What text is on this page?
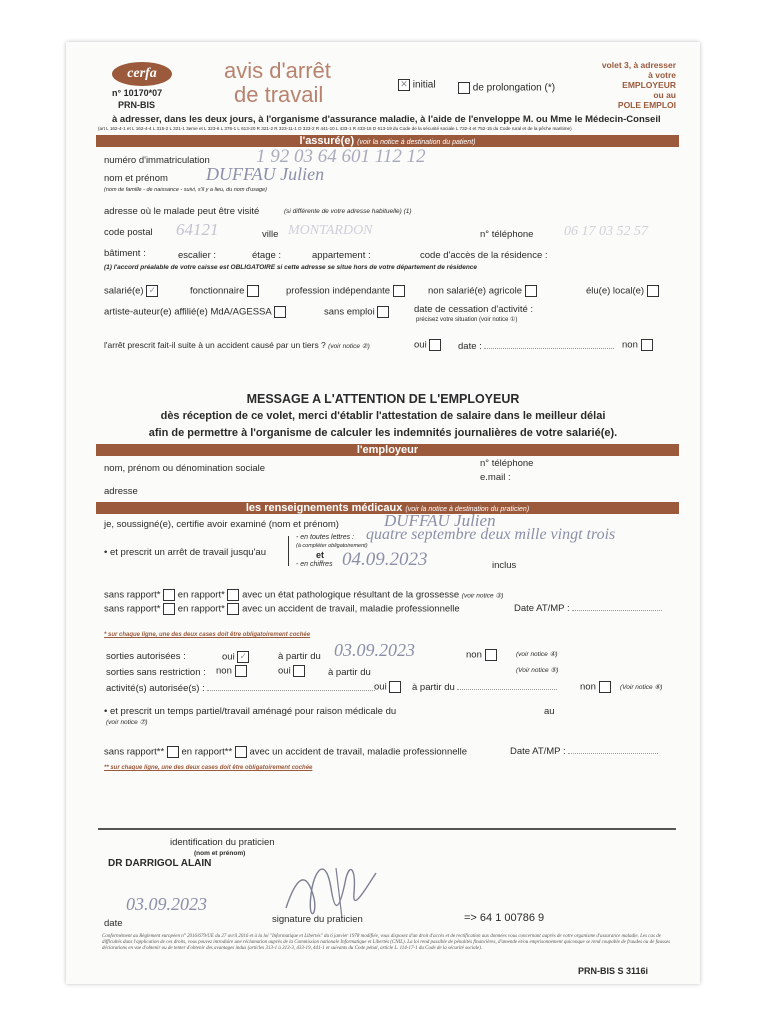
cerfa
n° 10170*07
PRN-BIS
avis d'arrêt
de travail	✕ initial	de prolongation (*)
volet 3, à adresser
à votre
EMPLOYEUR
ou au
POLE EMPLOI
à adresser, dans les deux jours, à l'organisme d'assurance maladie, à l'aide de l'enveloppe M. ou Mme le Médecin-Conseil
(art L 162-4-1 et L 162-4-4 L 315-2 L 321-1 3eme et L 323-6 L 376-1 L 613-20 R 321-2 R 323-11-1 D 323-2 R 441-10 L 433-1 R 433-15 D 613-19 du Code de la sécurité sociale L 732-4 et 752-15 du Code rural et de la pêche maritime)
l'assuré(e) (voir la notice à destination du patient)
numéro d'immatriculation 1 92 03 64 601 112 12
nom et prénom DUFFAU Julien
(nom de famille - de naissance - suivi, s'il y a lieu, du nom d'usage)
adresse où le malade peut être visité	(si différente de votre adresse habituelle) (1)
code postal 64121	ville MONTARDON	n° téléphone 06 17 03 52 57
bâtiment :	escalier :	étage :	appartement :	code d'accès de la résidence :
(1) l'accord préalable de votre caisse est OBLIGATOIRE si cette adresse se situe hors de votre département de résidence
salarié(e) ✓	fonctionnaire	profession indépendante	non salarié(e) agricole	élu(e) local(e)
artiste-auteur(e) affilié(e) MdA/AGESSA	sans emploi	date de cessation d'activité :
précisez votre situation (voir notice ①)
l'arrêt prescrit fait-il suite à un accident causé par un tiers ? (voir notice ②)	oui	date :	non
MESSAGE A L'ATTENTION DE L'EMPLOYEUR
dès réception de ce volet, merci d'établir l'attestation de salaire dans le meilleur délai
afin de permettre à l'organisme de calculer les indemnités journalières de votre salarié(e).
l'employeur
nom, prénom ou dénomination sociale	n° téléphone
e.mail :
adresse
les renseignements médicaux (voir la notice à destination du praticien)
je, soussigné(e), certifie avoir examiné (nom et prénom)	DUFFAU Julien
• et prescrit un arrêt de travail jusqu'au
- en toutes lettres :
(à compléter obligatoirement)
quatre septembre deux mille vingt trois
et
- en chiffres 04.09.2023	inclus
sans rapport* en rapport* avec un état pathologique résultant de la grossesse (voir notice ③)
sans rapport* en rapport* avec un accident de travail, maladie professionnelle	Date AT/MP :
* sur chaque ligne, une des deux cases doit être obligatoirement cochée
sorties autorisées :	oui ✓	à partir du 03.09.2023	non	(voir notice ④)
sorties sans restriction : non	oui	à partir du	(Voir notice ⑤)
activité(s) autorisée(s) :	oui	à partir du	non	(Voir notice ⑥)
• et prescrit un temps partiel/travail aménagé pour raison médicale du
(voir notice ⑦)
au
sans rapport** en rapport** avec un accident de travail, maladie professionnelle	Date AT/MP :
** sur chaque ligne, une des deux cases doit être obligatoirement cochée
identification du praticien
(nom et prénom)
DR DARRIGOL ALAIN
date
03.09.2023
signature du praticien	=> 64 1 00786 9
Conformément au Règlement européen n° 2016/679/UE du 27 avril 2016 et à la loi "Informatique et Libertés" du 6 janvier 1978 modifiée, vous disposez d'un droit d'accès et de rectification aux données vous concernant auprès de votre organisme d'assurance maladie. Les cas de difficultés dans l'application de ces droits, vous pouvez introduire une réclamation auprès de la Commission nationale Informatique et Libertés (CNIL). La loi rend passible de pénalités financières, d'amende et/ou emprisonnement quiconque se rend coupable de fraudes ou de fausses déclarations en vue d'obtenir ou de tenter d'obtenir des avantages indus (articles 313-1 à 313-3, 433-19, 441-1 et suivants du Code pénal, article L. 114-17-1 du Code de la sécurité sociale).
PRN-BIS S 3116i
